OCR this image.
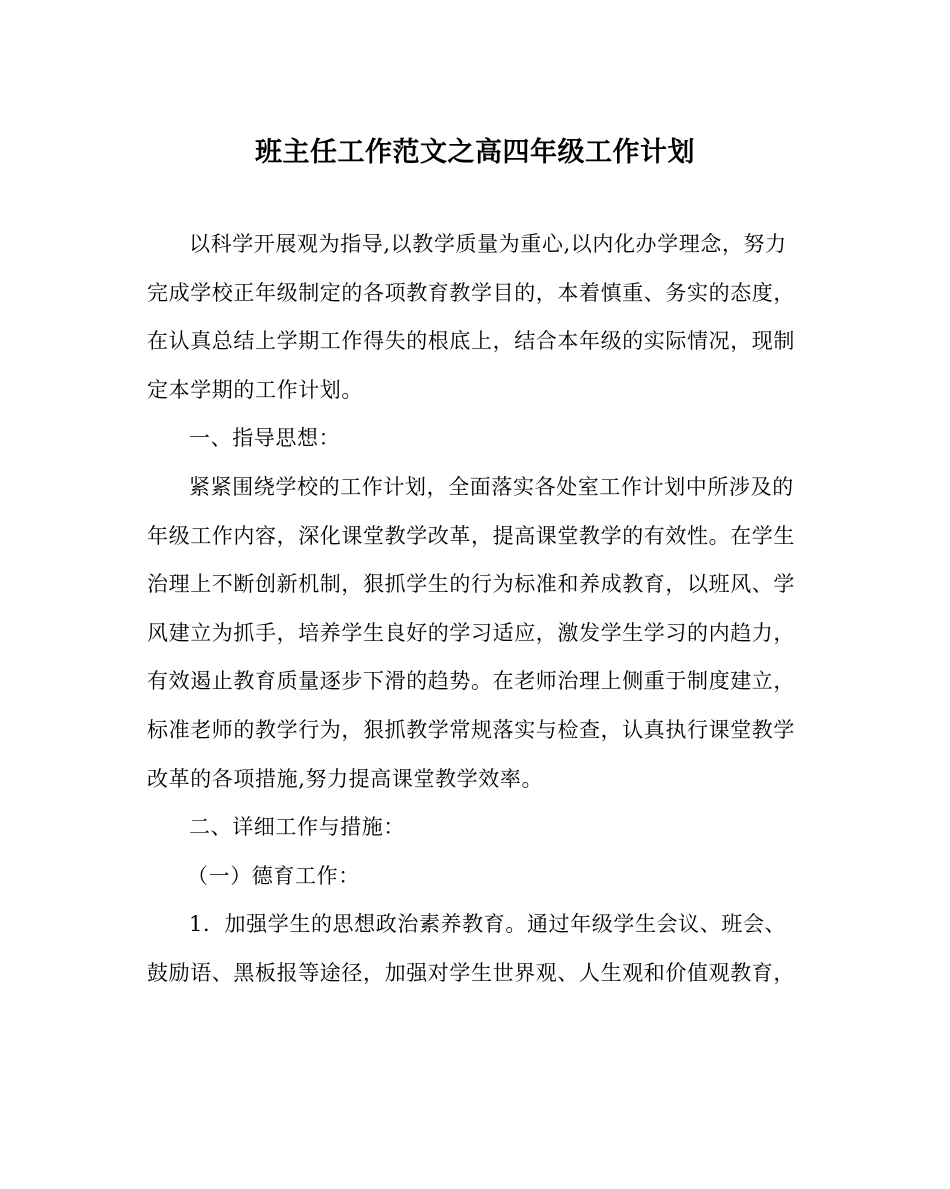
班主任工作范文之高四年级工作计划
以科学开展观为指导,以教学质量为重心,以内化办学理念，努力
完成学校正年级制定的各项教育教学目的，本着慎重、务实的态度，
在认真总结上学期工作得失的根底上，结合本年级的实际情况，现制
定本学期的工作计划。
一、指导思想：
紧紧围绕学校的工作计划，全面落实各处室工作计划中所涉及的
年级工作内容，深化课堂教学改革，提高课堂教学的有效性。在学生
治理上不断创新机制，狠抓学生的行为标准和养成教育，以班风、学
风建立为抓手，培养学生良好的学习适应，激发学生学习的内趋力，
有效遏止教育质量逐步下滑的趋势。在老师治理上侧重于制度建立，
标准老师的教学行为，狠抓教学常规落实与检查，认真执行课堂教学
改革的各项措施,努力提高课堂教学效率。
二、详细工作与措施：
（一）德育工作：
1．加强学生的思想政治素养教育。通过年级学生会议、班会、
鼓励语、黑板报等途径，加强对学生世界观、人生观和价值观教育，
